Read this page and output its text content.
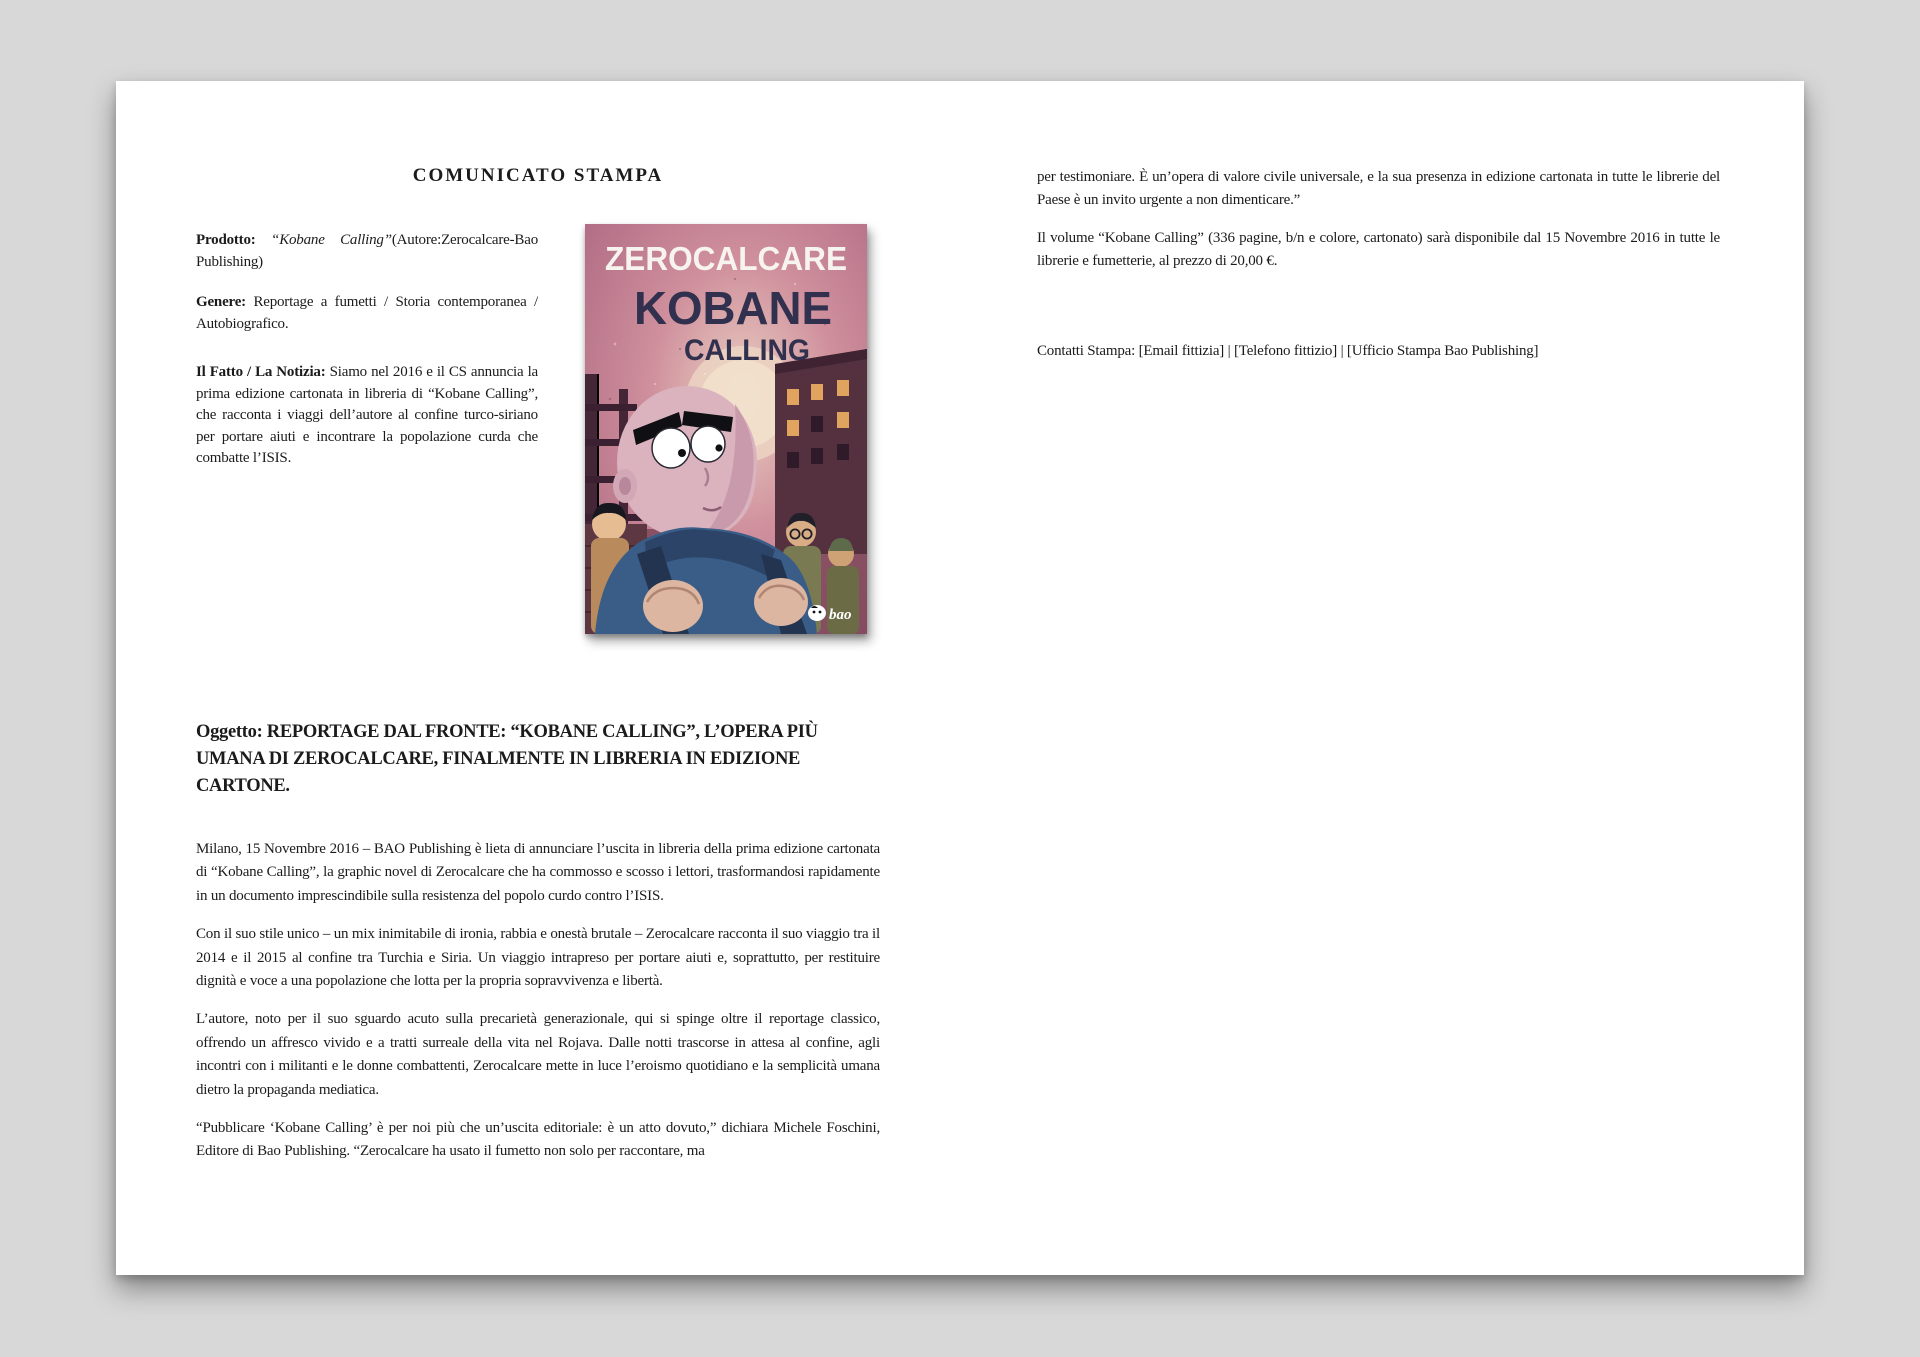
COMUNICATO STAMPA

Prodotto: “Kobane Calling”(Autore:Zerocalcare-Bao Publishing)

Genere: Reportage a fumetti / Storia contemporanea / Autobiografico.

Il Fatto / La Notizia: Siamo nel 2016 e il CS annuncia la prima edizione cartonata in libreria di “Kobane Calling”, che racconta i viaggi dell’autore al confine turco-siriano per portare aiuti e incontrare la popolazione curda che combatte l’ISIS.

ZEROCALCARE
KOBANE
CALLING
bao
Oggetto: REPORTAGE DAL FRONTE: “KOBANE CALLING”, L’OPERA PIÙ UMANA DI ZEROCALCARE, FINALMENTE IN LIBRERIA IN EDIZIONE CARTONE.

Milano, 15 Novembre 2016 – BAO Publishing è lieta di annunciare l’uscita in libreria della prima edizione cartonata di “Kobane Calling”, la graphic novel di Zerocalcare che ha commosso e scosso i lettori, trasformandosi rapidamente in un documento imprescindibile sulla resistenza del popolo curdo contro l’ISIS.

Con il suo stile unico – un mix inimitabile di ironia, rabbia e onestà brutale – Zerocalcare racconta il suo viaggio tra il 2014 e il 2015 al confine tra Turchia e Siria. Un viaggio intrapreso per portare aiuti e, soprattutto, per restituire dignità e voce a una popolazione che lotta per la propria sopravvivenza e libertà.

L’autore, noto per il suo sguardo acuto sulla precarietà generazionale, qui si spinge oltre il reportage classico, offrendo un affresco vivido e a tratti surreale della vita nel Rojava. Dalle notti trascorse in attesa al confine, agli incontri con i militanti e le donne combattenti, Zerocalcare mette in luce l’eroismo quotidiano e la semplicità umana dietro la propaganda mediatica.

“Pubblicare ‘Kobane Calling’ è per noi più che un’uscita editoriale: è un atto dovuto,” dichiara Michele Foschini, Editore di Bao Publishing. “Zerocalcare ha usato il fumetto non solo per raccontare, ma

per testimoniare. È un’opera di valore civile universale, e la sua presenza in edizione cartonata in tutte le librerie del Paese è un invito urgente a non dimenticare.”

Il volume “Kobane Calling” (336 pagine, b/n e colore, cartonato) sarà disponibile dal 15 Novembre 2016 in tutte le librerie e fumetterie, al prezzo di 20,00 €.

Contatti Stampa: [Email fittizia] | [Telefono fittizio] | [Ufficio Stampa Bao Publishing]
